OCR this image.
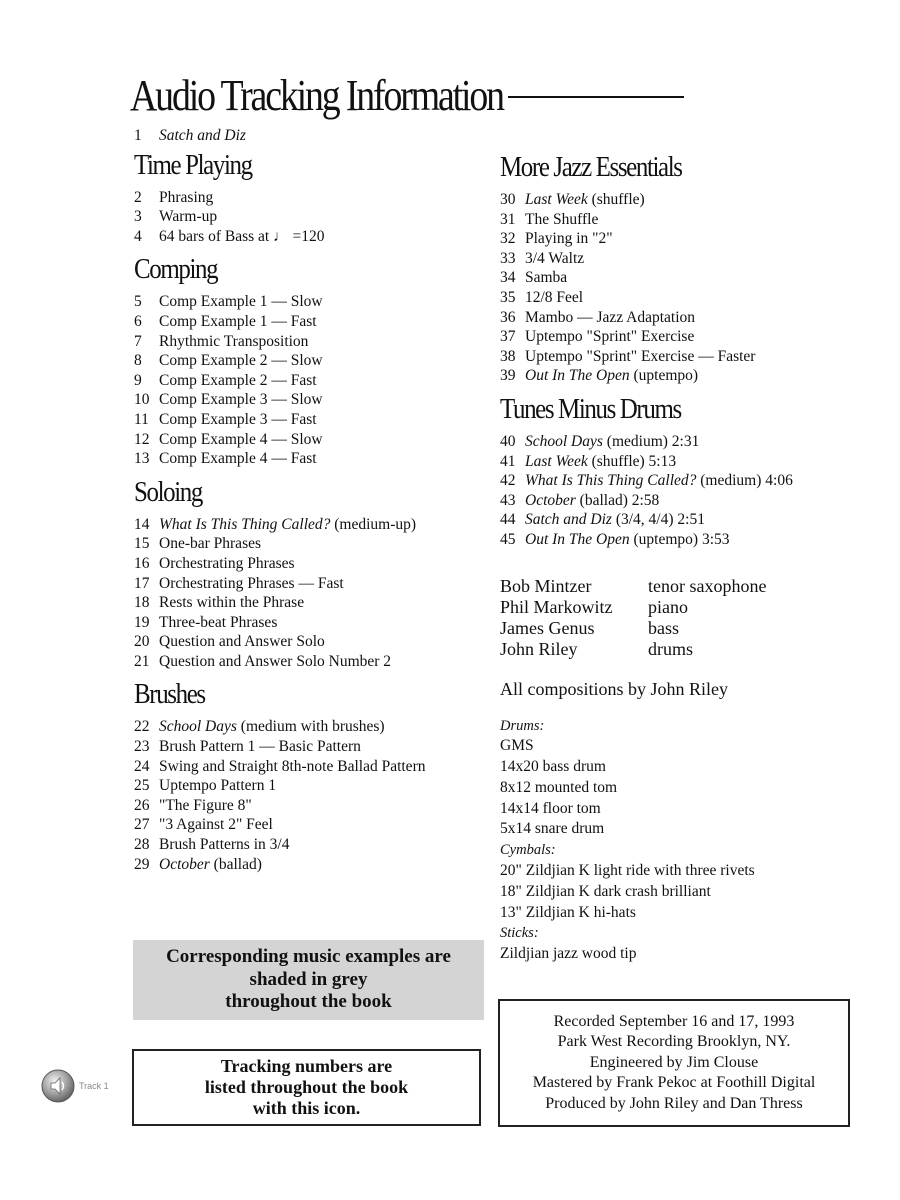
Audio Tracking Information
1	Satch and Diz
Time Playing
2	Phrasing
3	Warm-up
4	64 bars of Bass at ♩ =120
Comping
5	Comp Example 1 — Slow
6	Comp Example 1 — Fast
7	Rhythmic Transposition
8	Comp Example 2 — Slow
9	Comp Example 2 — Fast
10 Comp Example 3 — Slow
11 Comp Example 3 — Fast
12 Comp Example 4 — Slow
13 Comp Example 4 — Fast
Soloing
14 What Is This Thing Called? (medium-up)
15 One-bar Phrases
16 Orchestrating Phrases
17 Orchestrating Phrases — Fast
18 Rests within the Phrase
19 Three-beat Phrases
20 Question and Answer Solo
21 Question and Answer Solo Number 2
Brushes
22 School Days (medium with brushes)
23 Brush Pattern 1 — Basic Pattern
24 Swing and Straight 8th-note Ballad Pattern
25 Uptempo Pattern 1
26 "The Figure 8"
27 "3 Against 2" Feel
28 Brush Patterns in 3/4
29 October (ballad)
More Jazz Essentials
30 Last Week (shuffle)
31 The Shuffle
32 Playing in "2"
33 3/4 Waltz
34 Samba
35 12/8 Feel
36 Mambo — Jazz Adaptation
37 Uptempo "Sprint" Exercise
38 Uptempo "Sprint" Exercise — Faster
39 Out In The Open (uptempo)
Tunes Minus Drums
40 School Days (medium) 2:31
41 Last Week (shuffle) 5:13
42 What Is This Thing Called? (medium) 4:06
43 October (ballad) 2:58
44 Satch and Diz (3/4, 4/4) 2:51
45 Out In The Open (uptempo) 3:53
Bob Mintzer	tenor saxophone
Phil Markowitz	piano
James Genus	bass
John Riley	drums
All compositions by John Riley
Drums:
GMS
14x20 bass drum
8x12 mounted tom
14x14 floor tom
5x14 snare drum
Cymbals:
20" Zildjian K light ride with three rivets
18" Zildjian K dark crash brilliant
13" Zildjian K hi-hats
Sticks:
Zildjian jazz wood tip
Corresponding music examples are
shaded in grey
throughout the book
Tracking numbers are
listed throughout the book
with this icon.
Recorded September 16 and 17, 1993
Park West Recording Brooklyn, NY.
Engineered by Jim Clouse
Mastered by Frank Pekoc at Foothill Digital
Produced by John Riley and Dan Thress
Track 1
